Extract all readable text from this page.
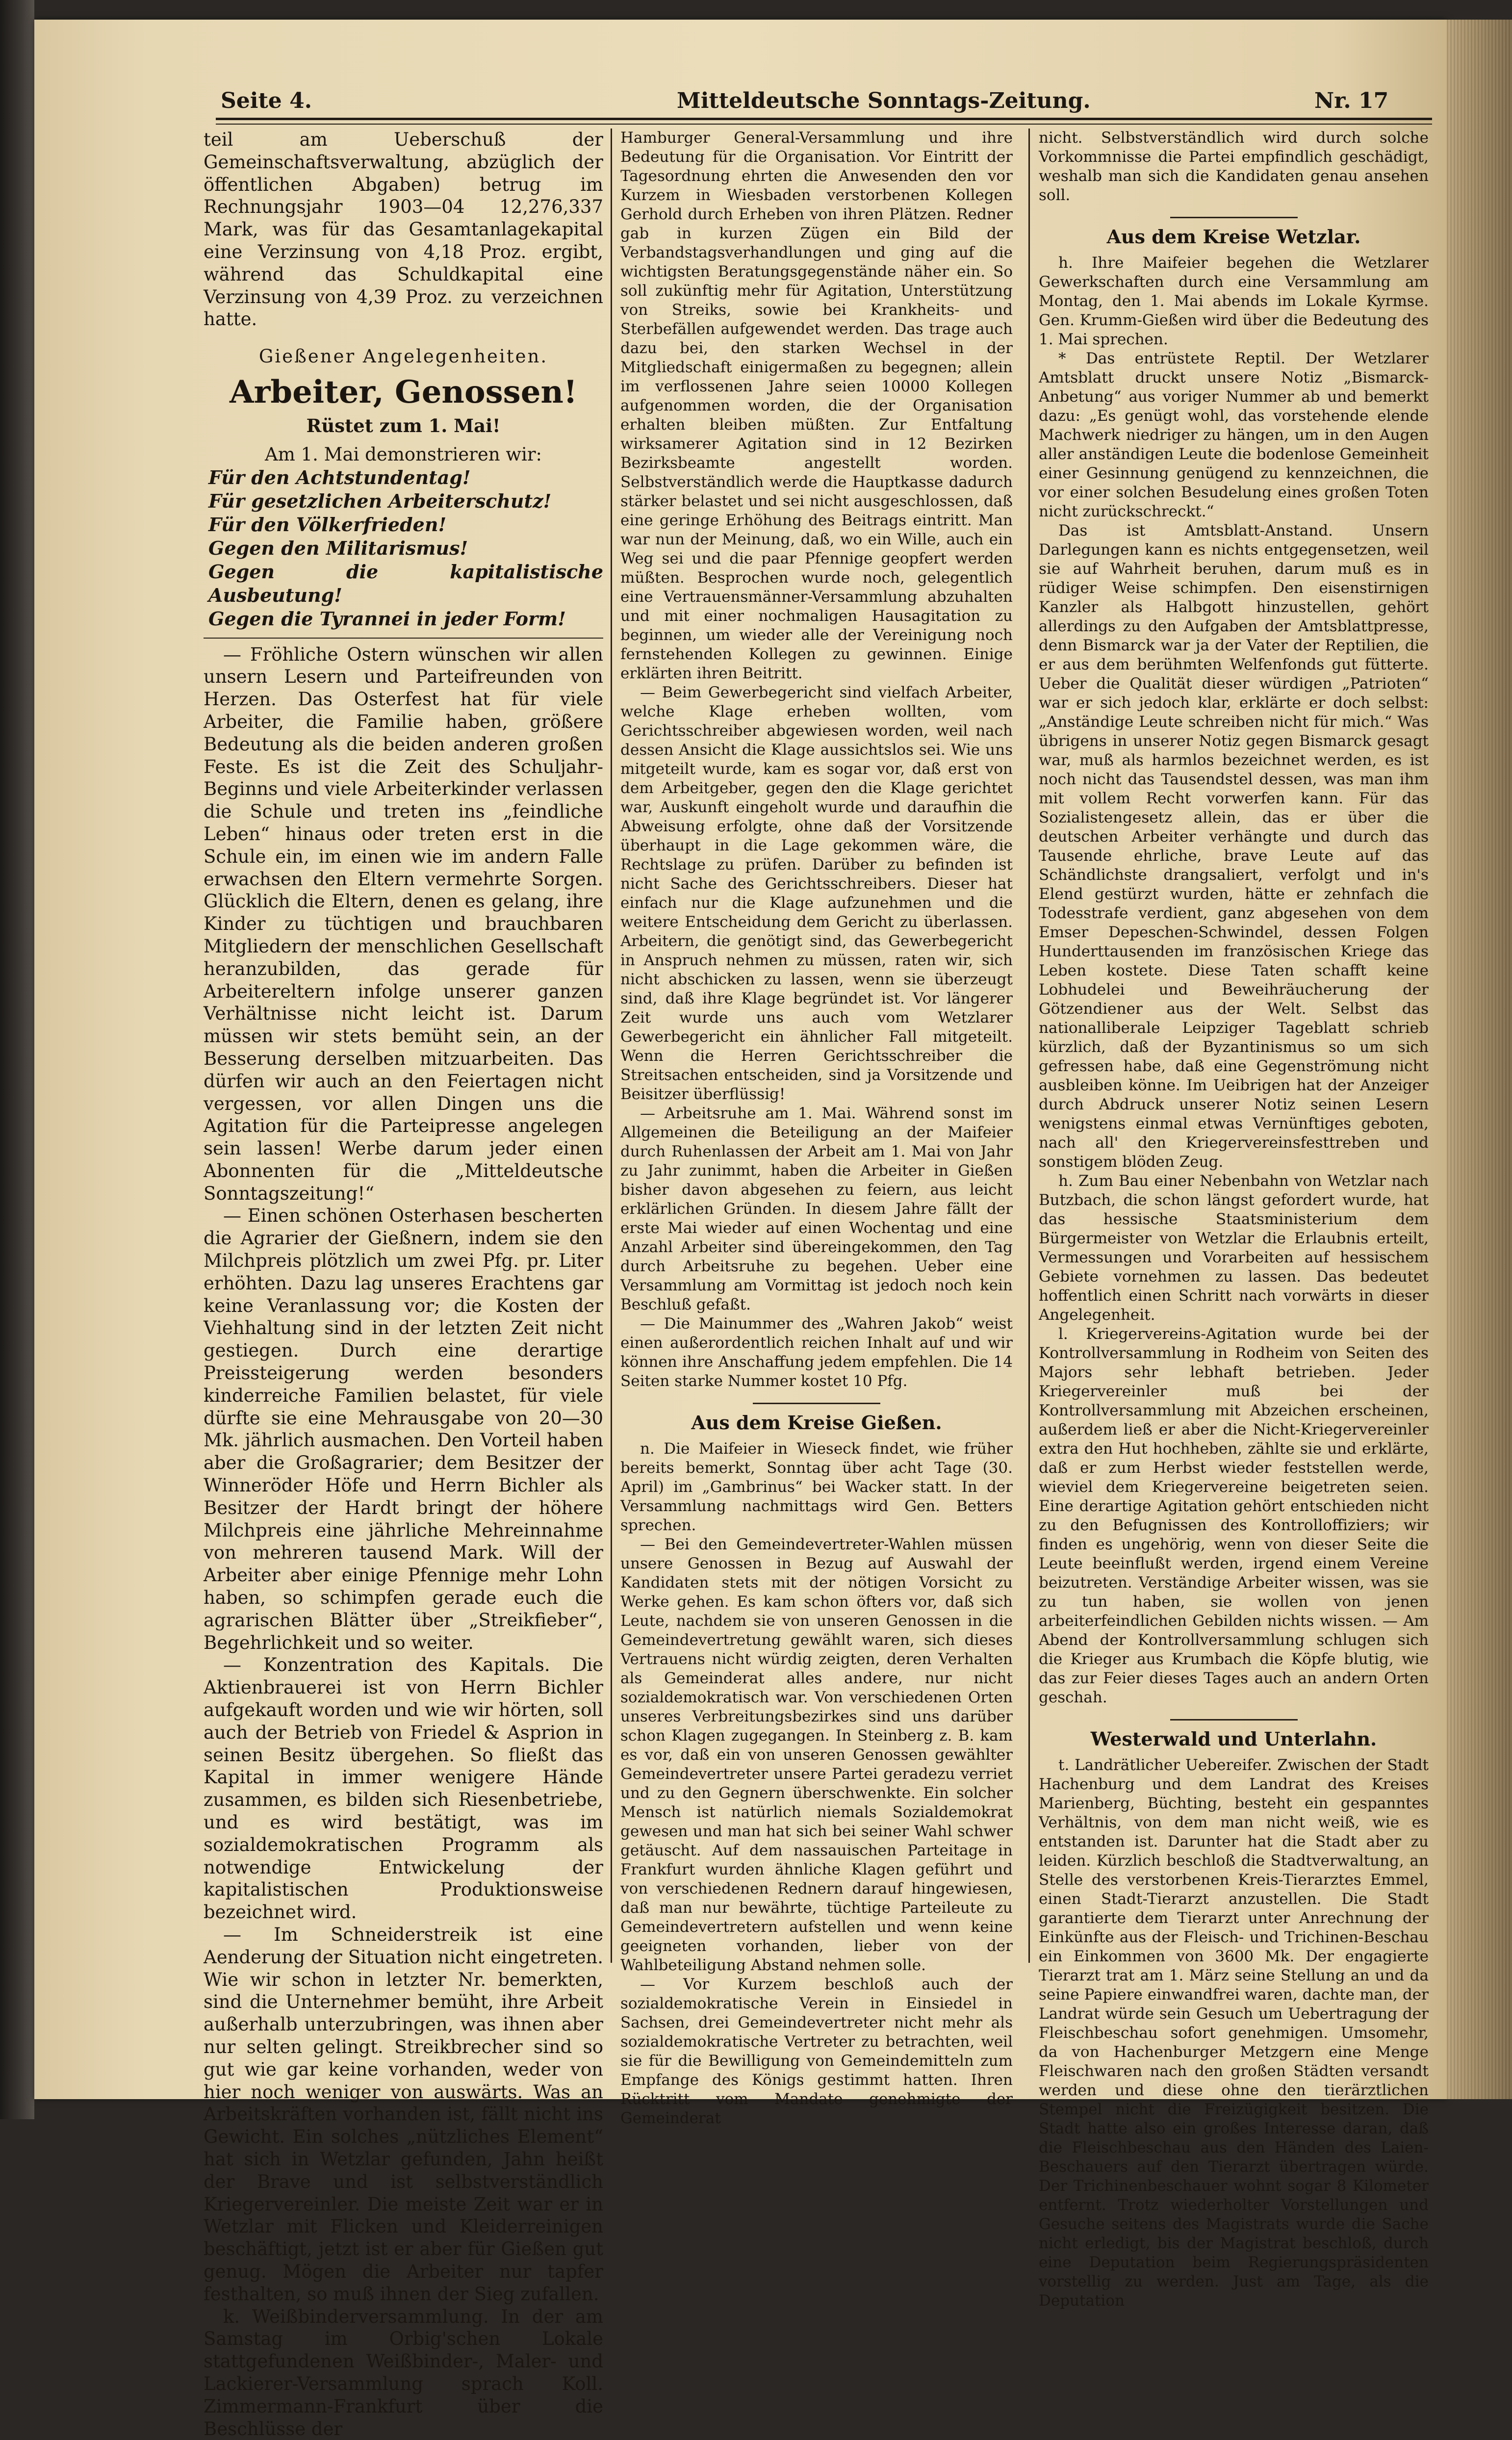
Seite 4.	Mitteldeutsche Sonntags-Zeitung.	Nr. 17

teil am Ueberschuß der Gemeinschaftsverwaltung, abzüglich der öffentlichen Abgaben) betrug im Rechnungsjahr 1903—04 12,276,337 Mark, was für das Gesamtanlagekapital eine Verzinsung von 4,18 Proz. ergibt, während das Schuldkapital eine Verzinsung von 4,39 Proz. zu verzeichnen hatte.

Gießener Angelegenheiten.

Arbeiter, Genossen!

Rüstet zum 1. Mai!

Am 1. Mai demonstrieren wir:

Für den Achtstundentag!

Für gesetzlichen Arbeiterschutz!

Für den Völkerfrieden!

Gegen den Militarismus!

Gegen die kapitalistische Ausbeutung!

Gegen die Tyrannei in jeder Form!

— Fröhliche Ostern wünschen wir allen unsern Lesern und Parteifreunden von Herzen. Das Osterfest hat für viele Arbeiter, die Familie haben, größere Bedeutung als die beiden anderen großen Feste. Es ist die Zeit des Schuljahr-Beginns und viele Arbeiterkinder verlassen die Schule und treten ins „feindliche Leben“ hinaus oder treten erst in die Schule ein, im einen wie im andern Falle erwachsen den Eltern vermehrte Sorgen. Glücklich die Eltern, denen es gelang, ihre Kinder zu tüchtigen und brauchbaren Mitgliedern der menschlichen Gesellschaft heranzubilden, das gerade für Arbeitereltern infolge unserer ganzen Verhältnisse nicht leicht ist. Darum müssen wir stets bemüht sein, an der Besserung derselben mitzuarbeiten. Das dürfen wir auch an den Feiertagen nicht vergessen, vor allen Dingen uns die Agitation für die Parteipresse angelegen sein lassen! Werbe darum jeder einen Abonnenten für die „Mitteldeutsche Sonntagszeitung!“

— Einen schönen Osterhasen bescherten die Agrarier der Gießnern, indem sie den Milchpreis plötzlich um zwei Pfg. pr. Liter erhöhten. Dazu lag unseres Erachtens gar keine Veranlassung vor; die Kosten der Viehhaltung sind in der letzten Zeit nicht gestiegen. Durch eine derartige Preissteigerung werden besonders kinderreiche Familien belastet, für viele dürfte sie eine Mehrausgabe von 20—30 Mk. jährlich ausmachen. Den Vorteil haben aber die Großagrarier; dem Besitzer der Winneröder Höfe und Herrn Bichler als Besitzer der Hardt bringt der höhere Milchpreis eine jährliche Mehreinnahme von mehreren tausend Mark. Will der Arbeiter aber einige Pfennige mehr Lohn haben, so schimpfen gerade euch die agrarischen Blätter über „Streikfieber“, Begehrlichkeit und so weiter.

— Konzentration des Kapitals. Die Aktienbrauerei ist von Herrn Bichler aufgekauft worden und wie wir hörten, soll auch der Betrieb von Friedel & Asprion in seinen Besitz übergehen. So fließt das Kapital in immer wenigere Hände zusammen, es bilden sich Riesenbetriebe, und es wird bestätigt, was im sozialdemokratischen Programm als notwendige Entwickelung der kapitalistischen Produktionsweise bezeichnet wird.

— Im Schneiderstreik ist eine Aenderung der Situation nicht eingetreten. Wie wir schon in letzter Nr. bemerkten, sind die Unternehmer bemüht, ihre Arbeit außerhalb unterzubringen, was ihnen aber nur selten gelingt. Streikbrecher sind so gut wie gar keine vorhanden, weder von hier noch weniger von auswärts. Was an Arbeitskräften vorhanden ist, fällt nicht ins Gewicht. Ein solches „nützliches Element“ hat sich in Wetzlar gefunden, Jahn heißt der Brave und ist selbstverständlich Kriegervereinler. Die meiste Zeit war er in Wetzlar mit Flicken und Kleiderreinigen beschäftigt, jetzt ist er aber für Gießen gut genug. Mögen die Arbeiter nur tapfer festhalten, so muß ihnen der Sieg zufallen.

k. Weißbinderversammlung. In der am Samstag im Orbig'schen Lokale stattgefundenen Weißbinder-, Maler- und Lackierer-Versammlung sprach Koll. Zimmermann-Frankfurt über die Beschlüsse der

Hamburger General-Versammlung und ihre Bedeutung für die Organisation. Vor Eintritt der Tagesordnung ehrten die Anwesenden den vor Kurzem in Wiesbaden verstorbenen Kollegen Gerhold durch Erheben von ihren Plätzen. Redner gab in kurzen Zügen ein Bild der Verbandstagsverhandlungen und ging auf die wichtigsten Beratungsgegenstände näher ein. So soll zukünftig mehr für Agitation, Unterstützung von Streiks, sowie bei Krankheits- und Sterbefällen aufgewendet werden. Das trage auch dazu bei, den starken Wechsel in der Mitgliedschaft einigermaßen zu begegnen; allein im verflossenen Jahre seien 10000 Kollegen aufgenommen worden, die der Organisation erhalten bleiben müßten. Zur Entfaltung wirksamerer Agitation sind in 12 Bezirken Bezirksbeamte angestellt worden. Selbstverständlich werde die Hauptkasse dadurch stärker belastet und sei nicht ausgeschlossen, daß eine geringe Erhöhung des Beitrags eintritt. Man war nun der Meinung, daß, wo ein Wille, auch ein Weg sei und die paar Pfennige geopfert werden müßten. Besprochen wurde noch, gelegentlich eine Vertrauensmänner-Versammlung abzuhalten und mit einer nochmaligen Hausagitation zu beginnen, um wieder alle der Vereinigung noch fernstehenden Kollegen zu gewinnen. Einige erklärten ihren Beitritt.

— Beim Gewerbegericht sind vielfach Arbeiter, welche Klage erheben wollten, vom Gerichtsschreiber abgewiesen worden, weil nach dessen Ansicht die Klage aussichtslos sei. Wie uns mitgeteilt wurde, kam es sogar vor, daß erst von dem Arbeitgeber, gegen den die Klage gerichtet war, Auskunft eingeholt wurde und daraufhin die Abweisung erfolgte, ohne daß der Vorsitzende überhaupt in die Lage gekommen wäre, die Rechtslage zu prüfen. Darüber zu befinden ist nicht Sache des Gerichtsschreibers. Dieser hat einfach nur die Klage aufzunehmen und die weitere Entscheidung dem Gericht zu überlassen. Arbeitern, die genötigt sind, das Gewerbegericht in Anspruch nehmen zu müssen, raten wir, sich nicht abschicken zu lassen, wenn sie überzeugt sind, daß ihre Klage begründet ist. Vor längerer Zeit wurde uns auch vom Wetzlarer Gewerbegericht ein ähnlicher Fall mitgeteilt. Wenn die Herren Gerichtsschreiber die Streitsachen entscheiden, sind ja Vorsitzende und Beisitzer überflüssig!

— Arbeitsruhe am 1. Mai. Während sonst im Allgemeinen die Beteiligung an der Maifeier durch Ruhenlassen der Arbeit am 1. Mai von Jahr zu Jahr zunimmt, haben die Arbeiter in Gießen bisher davon abgesehen zu feiern, aus leicht erklärlichen Gründen. In diesem Jahre fällt der erste Mai wieder auf einen Wochentag und eine Anzahl Arbeiter sind übereingekommen, den Tag durch Arbeitsruhe zu begehen. Ueber eine Versammlung am Vormittag ist jedoch noch kein Beschluß gefaßt.

— Die Mainummer des „Wahren Jakob“ weist einen außerordentlich reichen Inhalt auf und wir können ihre Anschaffung jedem empfehlen. Die 14 Seiten starke Nummer kostet 10 Pfg.

Aus dem Kreise Gießen.

n. Die Maifeier in Wieseck findet, wie früher bereits bemerkt, Sonntag über acht Tage (30. April) im „Gambrinus“ bei Wacker statt. In der Versammlung nachmittags wird Gen. Betters sprechen.

— Bei den Gemeindevertreter-Wahlen müssen unsere Genossen in Bezug auf Auswahl der Kandidaten stets mit der nötigen Vorsicht zu Werke gehen. Es kam schon öfters vor, daß sich Leute, nachdem sie von unseren Genossen in die Gemeindevertretung gewählt waren, sich dieses Vertrauens nicht würdig zeigten, deren Verhalten als Gemeinderat alles andere, nur nicht sozialdemokratisch war. Von verschiedenen Orten unseres Verbreitungsbezirkes sind uns darüber schon Klagen zugegangen. In Steinberg z. B. kam es vor, daß ein von unseren Genossen gewählter Gemeindevertreter unsere Partei geradezu verriet und zu den Gegnern überschwenkte. Ein solcher Mensch ist natürlich niemals Sozialdemokrat gewesen und man hat sich bei seiner Wahl schwer getäuscht. Auf dem nassauischen Parteitage in Frankfurt wurden ähnliche Klagen geführt und von verschiedenen Rednern darauf hingewiesen, daß man nur bewährte, tüchtige Parteileute zu Gemeindevertretern aufstellen und wenn keine geeigneten vorhanden, lieber von der Wahlbeteiligung Abstand nehmen solle.

— Vor Kurzem beschloß auch der sozialdemokratische Verein in Einsiedel in Sachsen, drei Gemeindevertreter nicht mehr als sozialdemokratische Vertreter zu betrachten, weil sie für die Bewilligung von Gemeindemitteln zum Empfange des Königs gestimmt hatten. Ihren Rücktritt vom Mandate genehmigte der Gemeinderat

nicht. Selbstverständlich wird durch solche Vorkommnisse die Partei empfindlich geschädigt, weshalb man sich die Kandidaten genau ansehen soll.

Aus dem Kreise Wetzlar.

h. Ihre Maifeier begehen die Wetzlarer Gewerkschaften durch eine Versammlung am Montag, den 1. Mai abends im Lokale Kyrmse. Gen. Krumm-Gießen wird über die Bedeutung des 1. Mai sprechen.

* Das entrüstete Reptil. Der Wetzlarer Amtsblatt druckt unsere Notiz „Bismarck-Anbetung“ aus voriger Nummer ab und bemerkt dazu: „Es genügt wohl, das vorstehende elende Machwerk niedriger zu hängen, um in den Augen aller anständigen Leute die bodenlose Gemeinheit einer Gesinnung genügend zu kennzeichnen, die vor einer solchen Besudelung eines großen Toten nicht zurückschreckt.“

Das ist Amtsblatt-Anstand. Unsern Darlegungen kann es nichts entgegensetzen, weil sie auf Wahrheit beruhen, darum muß es in rüdiger Weise schimpfen. Den eisenstirnigen Kanzler als Halbgott hinzustellen, gehört allerdings zu den Aufgaben der Amtsblattpresse, denn Bismarck war ja der Vater der Reptilien, die er aus dem berühmten Welfenfonds gut fütterte. Ueber die Qualität dieser würdigen „Patrioten“ war er sich jedoch klar, erklärte er doch selbst: „Anständige Leute schreiben nicht für mich.“ Was übrigens in unserer Notiz gegen Bismarck gesagt war, muß als harmlos bezeichnet werden, es ist noch nicht das Tausendstel dessen, was man ihm mit vollem Recht vorwerfen kann. Für das Sozialistengesetz allein, das er über die deutschen Arbeiter verhängte und durch das Tausende ehrliche, brave Leute auf das Schändlichste drangsaliert, verfolgt und in's Elend gestürzt wurden, hätte er zehnfach die Todesstrafe verdient, ganz abgesehen von dem Emser Depeschen-Schwindel, dessen Folgen Hunderttausenden im französischen Kriege das Leben kostete. Diese Taten schafft keine Lobhudelei und Beweihräucherung der Götzendiener aus der Welt. Selbst das nationalliberale Leipziger Tageblatt schrieb kürzlich, daß der Byzantinismus so um sich gefressen habe, daß eine Gegenströmung nicht ausbleiben könne. Im Ueibrigen hat der Anzeiger durch Abdruck unserer Notiz seinen Lesern wenigstens einmal etwas Vernünftiges geboten, nach all' den Kriegervereinsfesttreben und sonstigem blöden Zeug.

h. Zum Bau einer Nebenbahn von Wetzlar nach Butzbach, die schon längst gefordert wurde, hat das hessische Staatsministerium dem Bürgermeister von Wetzlar die Erlaubnis erteilt, Vermessungen und Vorarbeiten auf hessischem Gebiete vornehmen zu lassen. Das bedeutet hoffentlich einen Schritt nach vorwärts in dieser Angelegenheit.

l. Kriegervereins-Agitation wurde bei der Kontrollversammlung in Rodheim von Seiten des Majors sehr lebhaft betrieben. Jeder Kriegervereinler muß bei der Kontrollversammlung mit Abzeichen erscheinen, außerdem ließ er aber die Nicht-Kriegervereinler extra den Hut hochheben, zählte sie und erklärte, daß er zum Herbst wieder feststellen werde, wieviel dem Kriegervereine beigetreten seien. Eine derartige Agitation gehört entschieden nicht zu den Befugnissen des Kontrolloffiziers; wir finden es ungehörig, wenn von dieser Seite die Leute beeinflußt werden, irgend einem Vereine beizutreten. Verständige Arbeiter wissen, was sie zu tun haben, sie wollen von jenen arbeiterfeindlichen Gebilden nichts wissen. — Am Abend der Kontrollversammlung schlugen sich die Krieger aus Krumbach die Köpfe blutig, wie das zur Feier dieses Tages auch an andern Orten geschah.

Westerwald und Unterlahn.

t. Landrätlicher Uebereifer. Zwischen der Stadt Hachenburg und dem Landrat des Kreises Marienberg, Büchting, besteht ein gespanntes Verhältnis, von dem man nicht weiß, wie es entstanden ist. Darunter hat die Stadt aber zu leiden. Kürzlich beschloß die Stadtverwaltung, an Stelle des verstorbenen Kreis-Tierarztes Emmel, einen Stadt-Tierarzt anzustellen. Die Stadt garantierte dem Tierarzt unter Anrechnung der Einkünfte aus der Fleisch- und Trichinen-Beschau ein Einkommen von 3600 Mk. Der engagierte Tierarzt trat am 1. März seine Stellung an und da seine Papiere einwandfrei waren, dachte man, der Landrat würde sein Gesuch um Uebertragung der Fleischbeschau sofort genehmigen. Umsomehr, da von Hachenburger Metzgern eine Menge Fleischwaren nach den großen Städten versandt werden und diese ohne den tierärztlichen Stempel nicht die Freizügigkeit besitzen. Die Stadt hatte also ein großes Interesse daran, daß die Fleischbeschau aus den Händen des Laien-Beschauers auf den Tierarzt übertragen würde. Der Trichinenbeschauer wohnt sogar 8 Kilometer entfernt. Trotz wiederholter Vorstellungen und Gesuche seitens des Magistrats wurde die Sache nicht erledigt, bis der Magistrat beschloß, durch eine Deputation beim Regierungspräsidenten vorstellig zu werden. Just am Tage, als die Deputation
